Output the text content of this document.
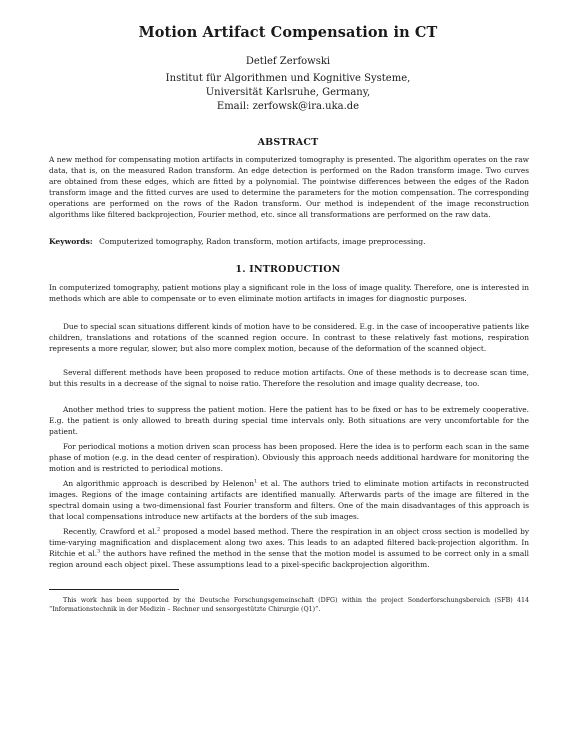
Motion Artifact Compensation in CT
Detlef Zerfowski
Institut für Algorithmen und Kognitive Systeme,
Universität Karlsruhe, Germany,
Email: zerfowsk@ira.uka.de
ABSTRACT
A new method for compensating motion artifacts in computerized tomography is presented. The algorithm operates on the raw data, that is, on the measured Radon transform. An edge detection is performed on the Radon transform image. Two curves are obtained from these edges, which are fitted by a polynomial. The pointwise differences between the edges of the Radon transform image and the fitted curves are used to determine the parameters for the motion compensation. The corresponding operations are performed on the rows of the Radon transform. Our method is independent of the image reconstruction algorithms like filtered backprojection, Fourier method, etc. since all transformations are performed on the raw data.
Keywords: Computerized tomography, Radon transform, motion artifacts, image preprocessing.
1. INTRODUCTION
In computerized tomography, patient motions play a significant role in the loss of image quality. Therefore, one is interested in methods which are able to compensate or to even eliminate motion artifacts in images for diagnostic purposes.
Due to special scan situations different kinds of motion have to be considered. E.g. in the case of incooperative patients like children, translations and rotations of the scanned region occure. In contrast to these relatively fast motions, respiration represents a more regular, slower, but also more complex motion, because of the deformation of the scanned object.
Several different methods have been proposed to reduce motion artifacts. One of these methods is to decrease scan time, but this results in a decrease of the signal to noise ratio. Therefore the resolution and image quality decrease, too.
Another method tries to suppress the patient motion. Here the patient has to be fixed or has to be extremely cooperative. E.g. the patient is only allowed to breath during special time intervals only. Both situations are very uncomfortable for the patient.
For periodical motions a motion driven scan process has been proposed. Here the idea is to perform each scan in the same phase of motion (e.g. in the dead center of respiration). Obviously this approach needs additional hardware for monitoring the motion and is restricted to periodical motions.
An algorithmic approach is described by Helenon$^1$ et al. The authors tried to eliminate motion artifacts in reconstructed images. Regions of the image containing artifacts are identified manually. Afterwards parts of the image are filtered in the spectral domain using a two-dimensional fast Fourier transform and filters. One of the main disadvantages of this approach is that local compensations introduce new artifacts at the borders of the sub images.
Recently, Crawford et al.$^2$ proposed a model based method. There the respiration in an object cross section is modelled by time-varying magnification and displacement along two axes. This leads to an adapted filtered back-projection algorithm. In Ritchie et al.$^3$ the authors have refined the method in the sense that the motion model is assumed to be correct only in a small region around each object pixel. These assumptions lead to a pixel-specific backprojection algorithm.
This work has been supported by the Deutsche Forschungsgemeinschaft (DFG) within the project Sonderforschungsbereich (SFB) 414 “Informationstechnik in der Medizin – Rechner und sensorgestützte Chirurgie (Q1)”.
